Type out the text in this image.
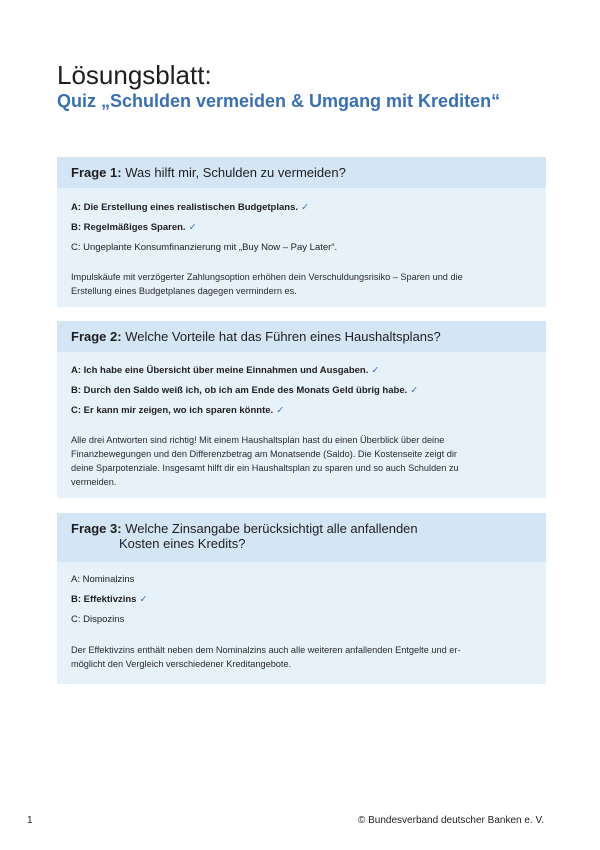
Lösungsblatt:
Quiz „Schulden vermeiden & Umgang mit Krediten“
Frage 1: Was hilft mir, Schulden zu vermeiden?

A: Die Erstellung eines realistischen Budgetplans. ✓

B: Regelmäßiges Sparen. ✓

C: Ungeplante Konsumfinanzierung mit „Buy Now – Pay Later“.

Impulskäufe mit verzögerter Zahlungsoption erhöhen dein Verschuldungsrisiko – Sparen und die
Erstellung eines Budgetplanes dagegen vermindern es.

Frage 2: Welche Vorteile hat das Führen eines Haushaltsplans?

A: Ich habe eine Übersicht über meine Einnahmen und Ausgaben. ✓

B: Durch den Saldo weiß ich, ob ich am Ende des Monats Geld übrig habe. ✓

C: Er kann mir zeigen, wo ich sparen könnte. ✓

Alle drei Antworten sind richtig! Mit einem Haushaltsplan hast du einen Überblick über deine
Finanzbewegungen und den Differenzbetrag am Monatsende (Saldo). Die Kostenseite zeigt dir
deine Sparpotenziale. Insgesamt hilft dir ein Haushaltsplan zu sparen und so auch Schulden zu
vermeiden.

Frage 3: Welche Zinsangabe berücksichtigt alle anfallenden
Kosten eines Kredits?

A: Nominalzins

B: Effektivzins ✓

C: Dispozins

Der Effektivzins enthält neben dem Nominalzins auch alle weiteren anfallenden Entgelte und er-
möglicht den Vergleich verschiedener Kreditangebote.

1	© Bundesverband deutscher Banken e. V.
